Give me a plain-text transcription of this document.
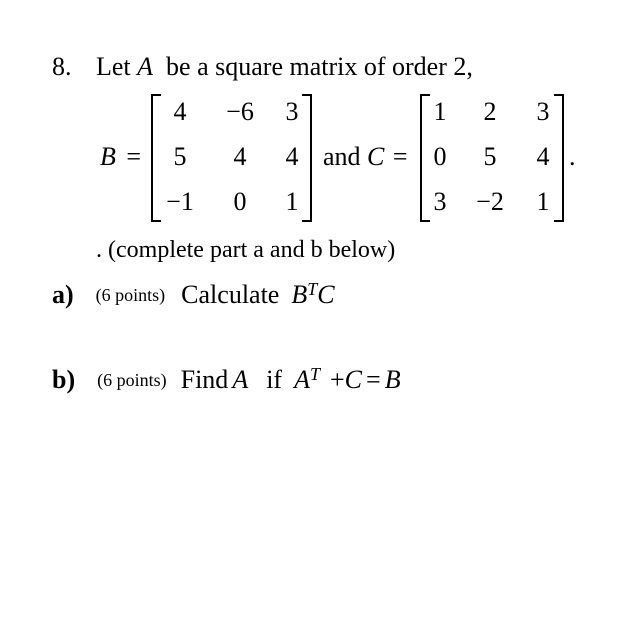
8. Let A be a square matrix of order 2,
B =
4	−6	3
5	4	4
−1	0	1
and C =
1	2	3
0	5	4
3	−2	1
.
. (complete part a and b below)
a) (6 points) Calculate $B^TC$
b) (6 points) Find A if $A^T +C = B$
